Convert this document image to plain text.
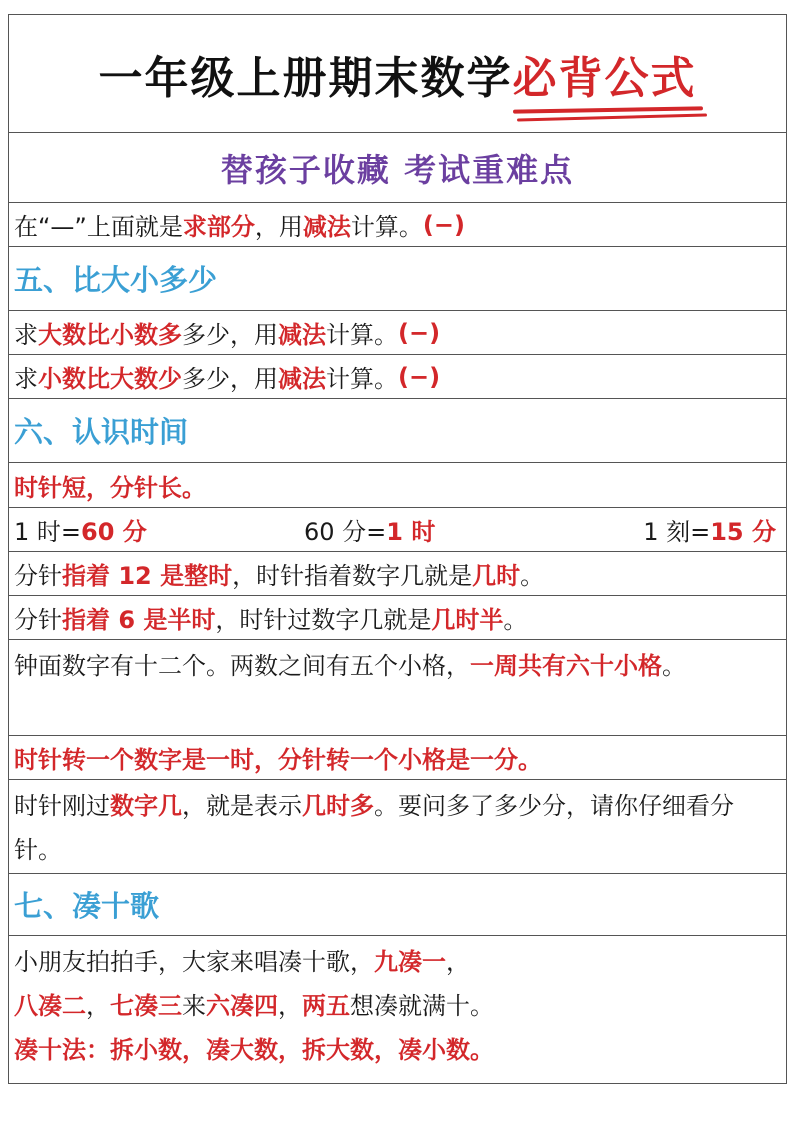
一年级上册期末数学必背公式
替孩子收藏 考试重难点
在“—”上面就是 求部分 ，用 减法 计算。 (−)
五、比大小多少
求 大数比小数多 多少，用 减法 计算。 (−)
求 小数比大数少 多少，用 减法 计算。 (−)
六、认识时间
时针短，分针长。
1 时=60 分	60 分=1 时	1 刻=15 分
分针 指着 12 是整时 ，时针指着数字几就是 几时 。
分针 指着 6 是半时 ，时针过数字几就是 几时半 。
钟面数字有十二个。两数之间有五个小格，一周共有六十小格。
时针转一个数字是一时，分针转一个小格是一分。
时针刚过数字几，就是表示几时多。要问多了多少分，请你仔细看分针。
七、凑十歌
小朋友拍拍手，大家来唱凑十歌，九凑一，
八凑二，七凑三来六凑四，两五想凑就满十。
凑十法：拆小数，凑大数，拆大数，凑小数。
